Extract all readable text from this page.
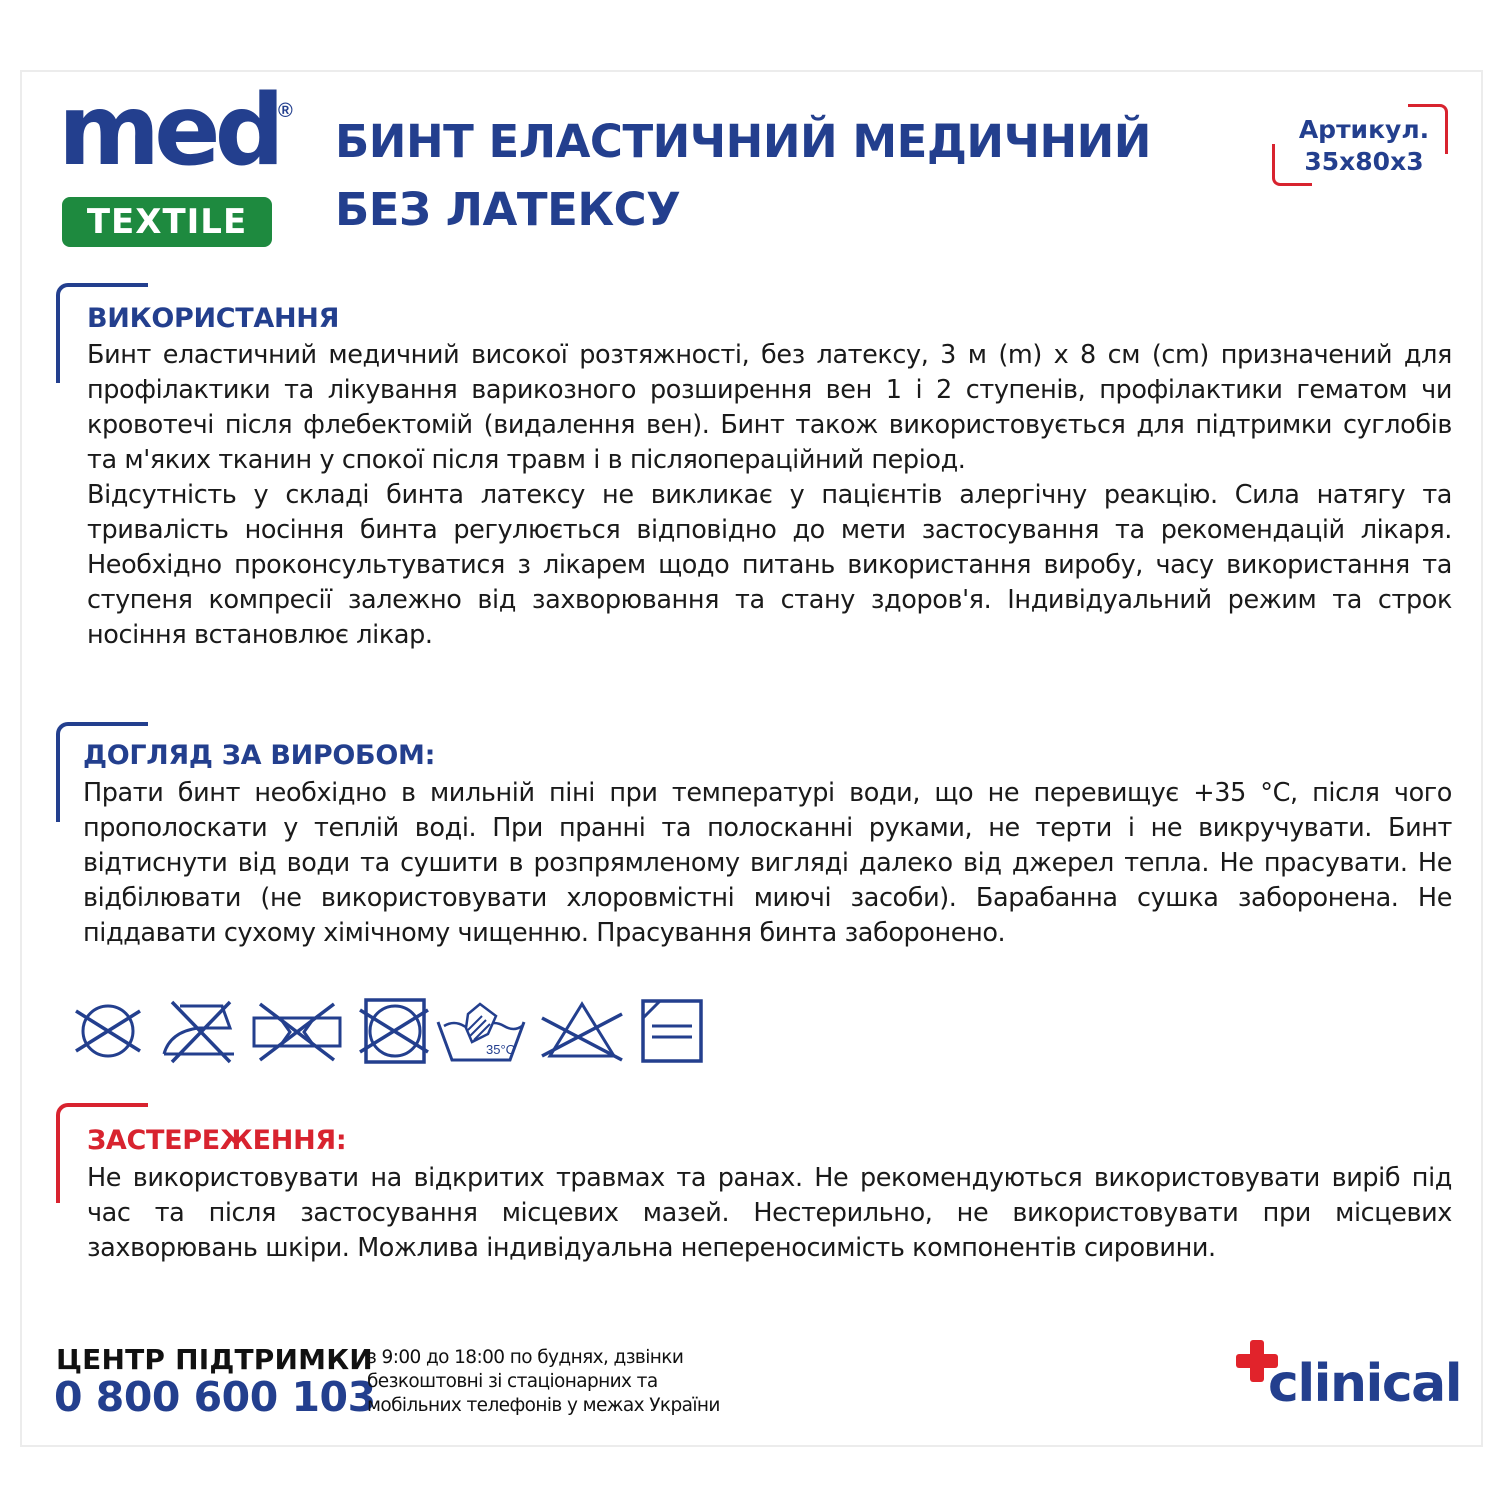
med ®
TEXTILE
БИНТ ЕЛАСТИЧНИЙ МЕДИЧНИЙ
БЕЗ ЛАТЕКСУ
Артикул.
35x80x3
ВИКОРИСТАННЯ

Бинт еластичний медичний високої розтяжності, без латексу, 3 м (m) х 8 см (cm) призначений для профілактики та лікування варикозного розширення вен 1 і 2 ступенів, профілактики гематом чи кровотечі після флебектомій (видалення вен). Бинт також використовується для підтримки суглобів та м'яких тканин у спокої після травм і в післяопераційний період.

Відсутність у складі бинта латексу не викликає у пацієнтів алергічну реакцію. Сила натягу та тривалість носіння бинта регулюється відповідно до мети застосування та рекомендацій лікаря. Необхідно проконсультуватися з лікарем щодо питань використання виробу, часу використання та ступеня компресії залежно від захворювання та стану здоров'я. Індивідуальний режим та строк носіння встановлює лікар.

ДОГЛЯД ЗА ВИРОБОМ:

Прати бинт необхідно в мильній піні при температурі води, що не перевищує +35 °С, після чого прополоскати у теплій воді. При пранні та полосканні руками, не терти і не викручувати. Бинт відтиснути від води та сушити в розпрямленому вигляді далеко від джерел тепла. Не прасувати. Не відбілювати (не використовувати хлоровмістні миючі засоби). Барабанна сушка заборонена. Не піддавати сухому хімічному чищенню. Прасування бинта заборонено.

35°C
ЗАСТЕРЕЖЕННЯ:

Не використовувати на відкритих травмах та ранах. Не рекомендуються використовувати виріб під час та після застосування місцевих мазей. Нестерильно, не використовувати при місцевих захворювань шкіри. Можлива індивідуальна непереносимість компонентів сировини.

ЦЕНТР ПІДТРИМКИ
0 800 600 103
з 9:00 до 18:00 по буднях, дзвінки
безкоштовні зі стаціонарних та
мобільних телефонів у межах України	clinical
